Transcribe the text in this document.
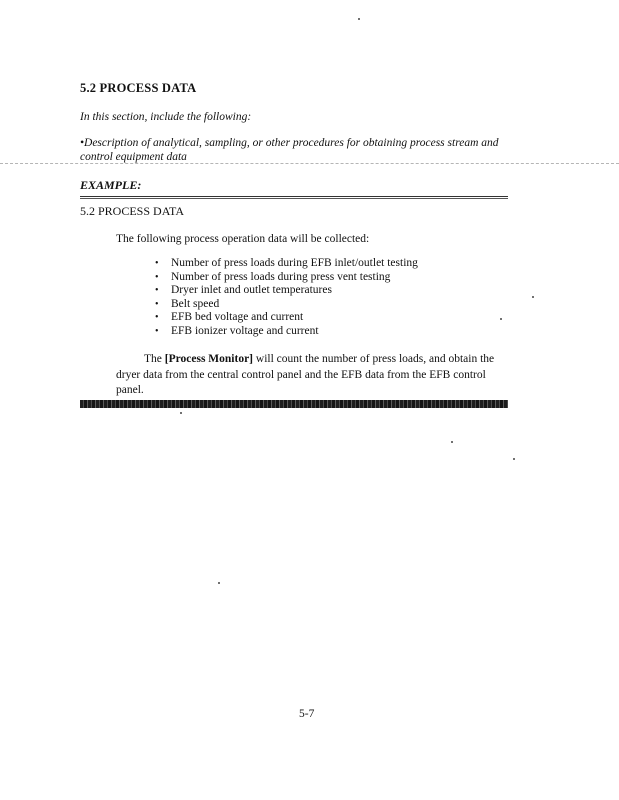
5.2 PROCESS DATA
In this section, include the following:
•Description of analytical, sampling, or other procedures for obtaining process stream and control equipment data
EXAMPLE:
5.2 PROCESS DATA
The following process operation data will be collected:
• Number of press loads during EFB inlet/outlet testing
• Number of press loads during press vent testing
• Dryer inlet and outlet temperatures
• Belt speed
• EFB bed voltage and current
• EFB ionizer voltage and current
The [Process Monitor] will count the number of press loads, and obtain the dryer data from the central control panel and the EFB data from the EFB control panel.
5-7
